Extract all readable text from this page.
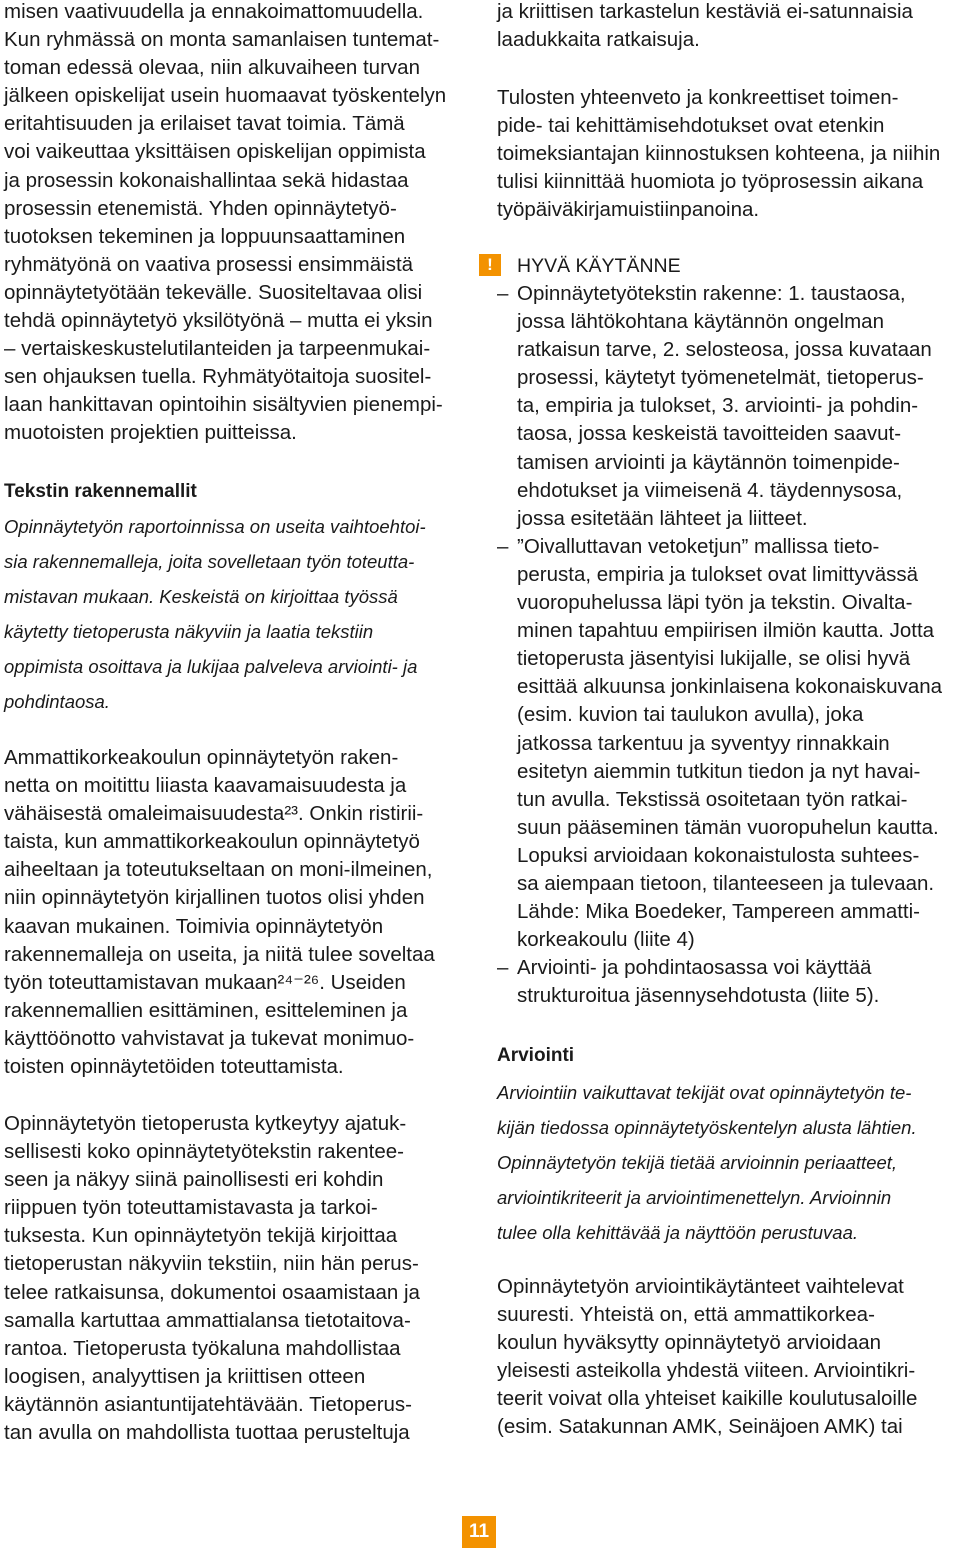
misen vaativuudella ja ennakoimattomuudella.
Kun ryhmässä on monta samanlaisen tuntemat-
toman edessä olevaa, niin alkuvaiheen turvan
jälkeen opiskelijat usein huomaavat työskentelyn
eritahtisuuden ja erilaiset tavat toimia. Tämä
voi vaikeuttaa yksittäisen opiskelijan oppimista
ja prosessin kokonaishallintaa sekä hidastaa
prosessin etenemistä. Yhden opinnäytetyö-
tuotoksen tekeminen ja loppuunsaattaminen
ryhmätyönä on vaativa prosessi ensimmäistä
opinnäytetyötään tekevälle. Suositeltavaa olisi
tehdä opinnäytetyö yksilötyönä – mutta ei yksin
– vertaiskeskustelutilanteiden ja tarpeenmukai-
sen ohjauksen tuella. Ryhmätyötaitoja suositel-
laan hankittavan opintoihin sisältyvien pienempi-
muotoisten projektien puitteissa.
Tekstin rakennemallit
Opinnäytetyön raportoinnissa on useita vaihtoehtoi-
sia rakennemalleja, joita sovelletaan työn toteutta-
mistavan mukaan. Keskeistä on kirjoittaa työssä
käytetty tietoperusta näkyviin ja laatia tekstiin
oppimista osoittava ja lukijaa palveleva arviointi- ja
pohdintaosa.
Ammattikorkeakoulun opinnäytetyön raken-
netta on moitittu liiasta kaavamaisuudesta ja
vähäisestä omaleimaisuudesta²³. Onkin ristirii-
taista, kun ammattikorkeakoulun opinnäytetyö
aiheeltaan ja toteutukseltaan on moni-ilmeinen,
niin opinnäytetyön kirjallinen tuotos olisi yhden
kaavan mukainen. Toimivia opinnäytetyön
rakennemalleja on useita, ja niitä tulee soveltaa
työn toteuttamistavan mukaan²⁴⁻²⁶. Useiden
rakennemallien esittäminen, esitteleminen ja
käyttöönotto vahvistavat ja tukevat monimuo-
toisten opinnäytetöiden toteuttamista.
Opinnäytetyön tietoperusta kytkeytyy ajatuk-
sellisesti koko opinnäytetyötekstin rakentee-
seen ja näkyy siinä painollisesti eri kohdin
riippuen työn toteuttamistavasta ja tarkoi-
tuksesta. Kun opinnäytetyön tekijä kirjoittaa
tietoperustan näkyviin tekstiin, niin hän perus-
telee ratkaisunsa, dokumentoi osaamistaan ja
samalla kartuttaa ammattialansa tietotaitova-
rantoa. Tietoperusta työkaluna mahdollistaa
loogisen, analyyttisen ja kriittisen otteen
käytännön asiantuntijatehtävään. Tietoperus-
tan avulla on mahdollista tuottaa perusteltuja
ja kriittisen tarkastelun kestäviä ei-satunnaisia
laadukkaita ratkaisuja.
Tulosten yhteenveto ja konkreettiset toimen-
pide- tai kehittämisehdotukset ovat etenkin
toimeksiantajan kiinnostuksen kohteena, ja niihin
tulisi kiinnittää huomiota jo työprosessin aikana
työpäiväkirjamuistiinpanoina.
!	HYVÄ KÄYTÄNNE
– Opinnäytetyötekstin rakenne: 1. taustaosa,
jossa lähtökohtana käytännön ongelman
ratkaisun tarve, 2. selosteosa, jossa kuvataan
prosessi, käytetyt työmenetelmät, tietoperus-
ta, empiria ja tulokset, 3. arviointi- ja pohdin-
taosa, jossa keskeistä tavoitteiden saavut-
tamisen arviointi ja käytännön toimenpide-
ehdotukset ja viimeisenä 4. täydennysosa,
jossa esitetään lähteet ja liitteet.
– ”Oivalluttavan vetoketjun” mallissa tieto-
perusta, empiria ja tulokset ovat limittyvässä
vuoropuhelussa läpi työn ja tekstin. Oivalta-
minen tapahtuu empiirisen ilmiön kautta. Jotta
tietoperusta jäsentyisi lukijalle, se olisi hyvä
esittää alkuunsa jonkinlaisena kokonaiskuvana
(esim. kuvion tai taulukon avulla), joka
jatkossa tarkentuu ja syventyy rinnakkain
esitetyn aiemmin tutkitun tiedon ja nyt havai-
tun avulla. Tekstissä osoitetaan työn ratkai-
suun pääseminen tämän vuoropuhelun kautta.
Lopuksi arvioidaan kokonaistulosta suhtees-
sa aiempaan tietoon, tilanteeseen ja tulevaan.
Lähde: Mika Boedeker, Tampereen ammatti-
korkeakoulu (liite 4)
– Arviointi- ja pohdintaosassa voi käyttää
strukturoitua jäsennysehdotusta (liite 5).
Arviointi
Arviointiin vaikuttavat tekijät ovat opinnäytetyön te-
kijän tiedossa opinnäytetyöskentelyn alusta lähtien.
Opinnäytetyön tekijä tietää arvioinnin periaatteet,
arviointikriteerit ja arviointimenettelyn. Arvioinnin
tulee olla kehittävää ja näyttöön perustuvaa.
Opinnäytetyön arviointikäytänteet vaihtelevat
suuresti. Yhteistä on, että ammattikorkea-
koulun hyväksytty opinnäytetyö arvioidaan
yleisesti asteikolla yhdestä viiteen. Arviointikri-
teerit voivat olla yhteiset kaikille koulutusaloille
(esim. Satakunnan AMK, Seinäjoen AMK) tai
11
